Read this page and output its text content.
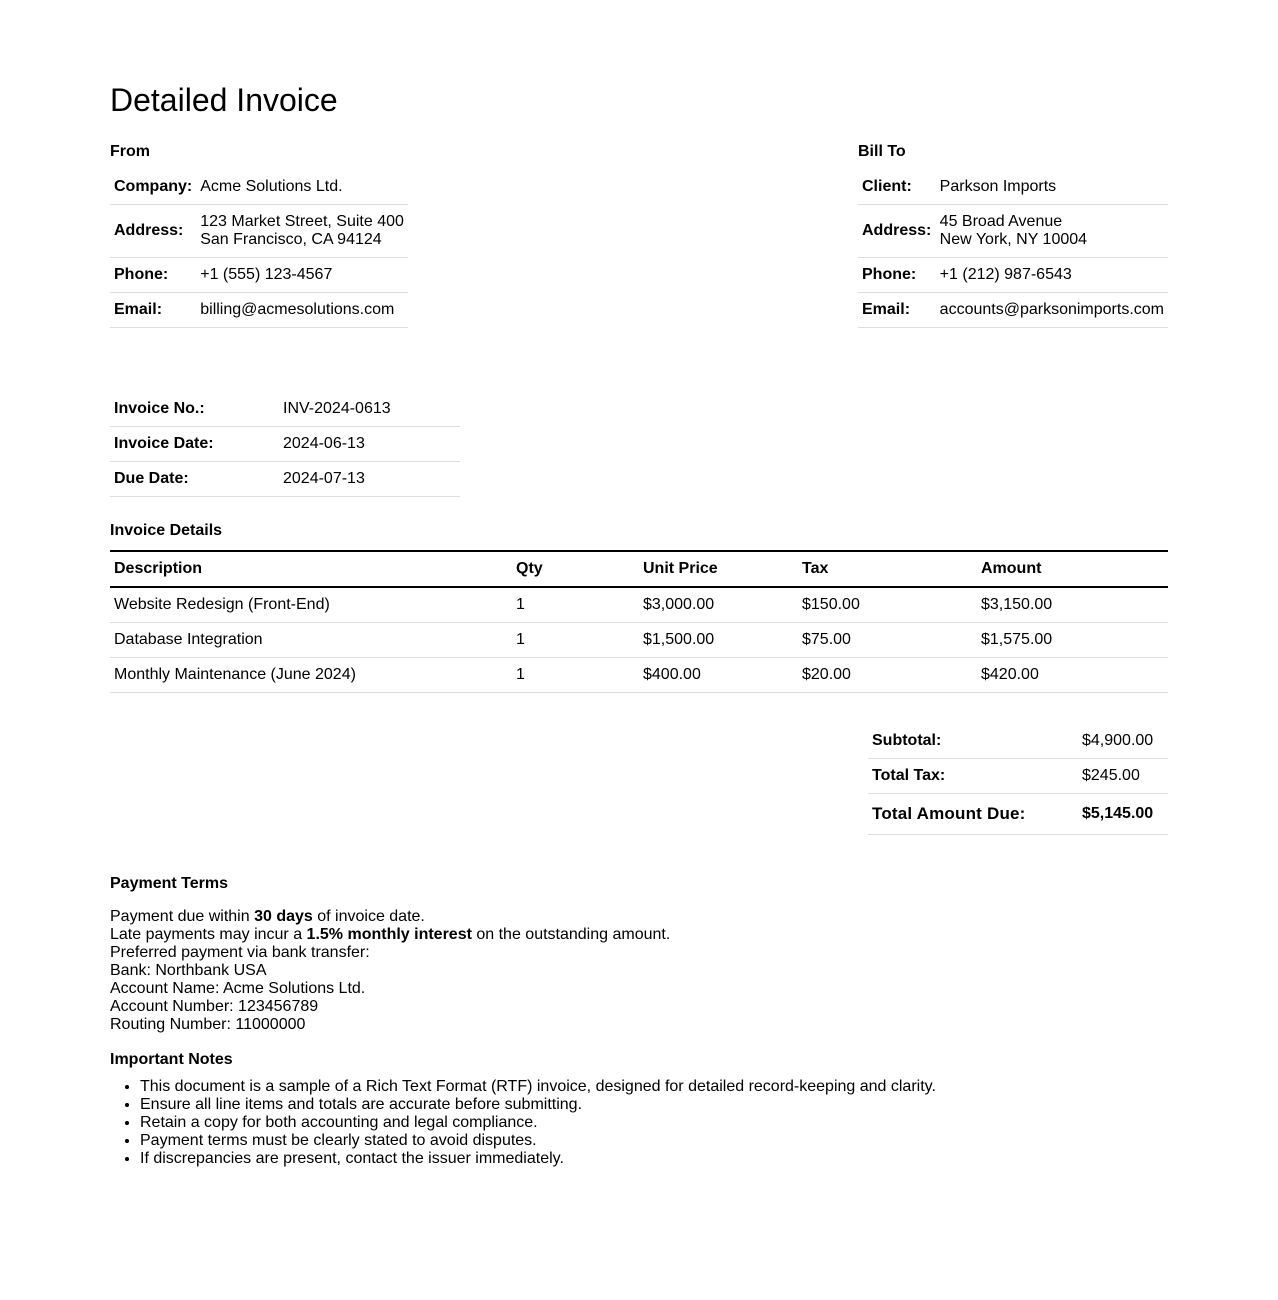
Detailed Invoice
From
Company:	Acme Solutions Ltd.
Address:	123 Market Street, Suite 400
San Francisco, CA 94124

Phone:	+1 (555) 123-4567
Email:	billing@acmesolutions.com
Bill To
Client:	Parkson Imports
Address:	45 Broad Avenue
New York, NY 10004

Phone:	+1 (212) 987-6543
Email:	accounts@parksonimports.com
Invoice No.:	INV-2024-0613
Invoice Date:	2024-06-13
Due Date:	2024-07-13
Invoice Details
Description	Qty	Unit Price	Tax	Amount
Website Redesign (Front-End)	1	$3,000.00	$150.00	$3,150.00
Database Integration	1	$1,500.00	$75.00	$1,575.00
Monthly Maintenance (June 2024)	1	$400.00	$20.00	$420.00
Subtotal:	$4,900.00
Total Tax:	$245.00
Total Amount Due:	$5,145.00
Payment Terms
Payment due within 30 days of invoice date.
Late payments may incur a 1.5% monthly interest on the outstanding amount.
Preferred payment via bank transfer:
Bank: Northbank USA
Account Name: Acme Solutions Ltd.
Account Number: 123456789
Routing Number: 11000000
Important Notes
• This document is a sample of a Rich Text Format (RTF) invoice, designed for detailed record-keeping and clarity.
• Ensure all line items and totals are accurate before submitting.
• Retain a copy for both accounting and legal compliance.
• Payment terms must be clearly stated to avoid disputes.
• If discrepancies are present, contact the issuer immediately.
